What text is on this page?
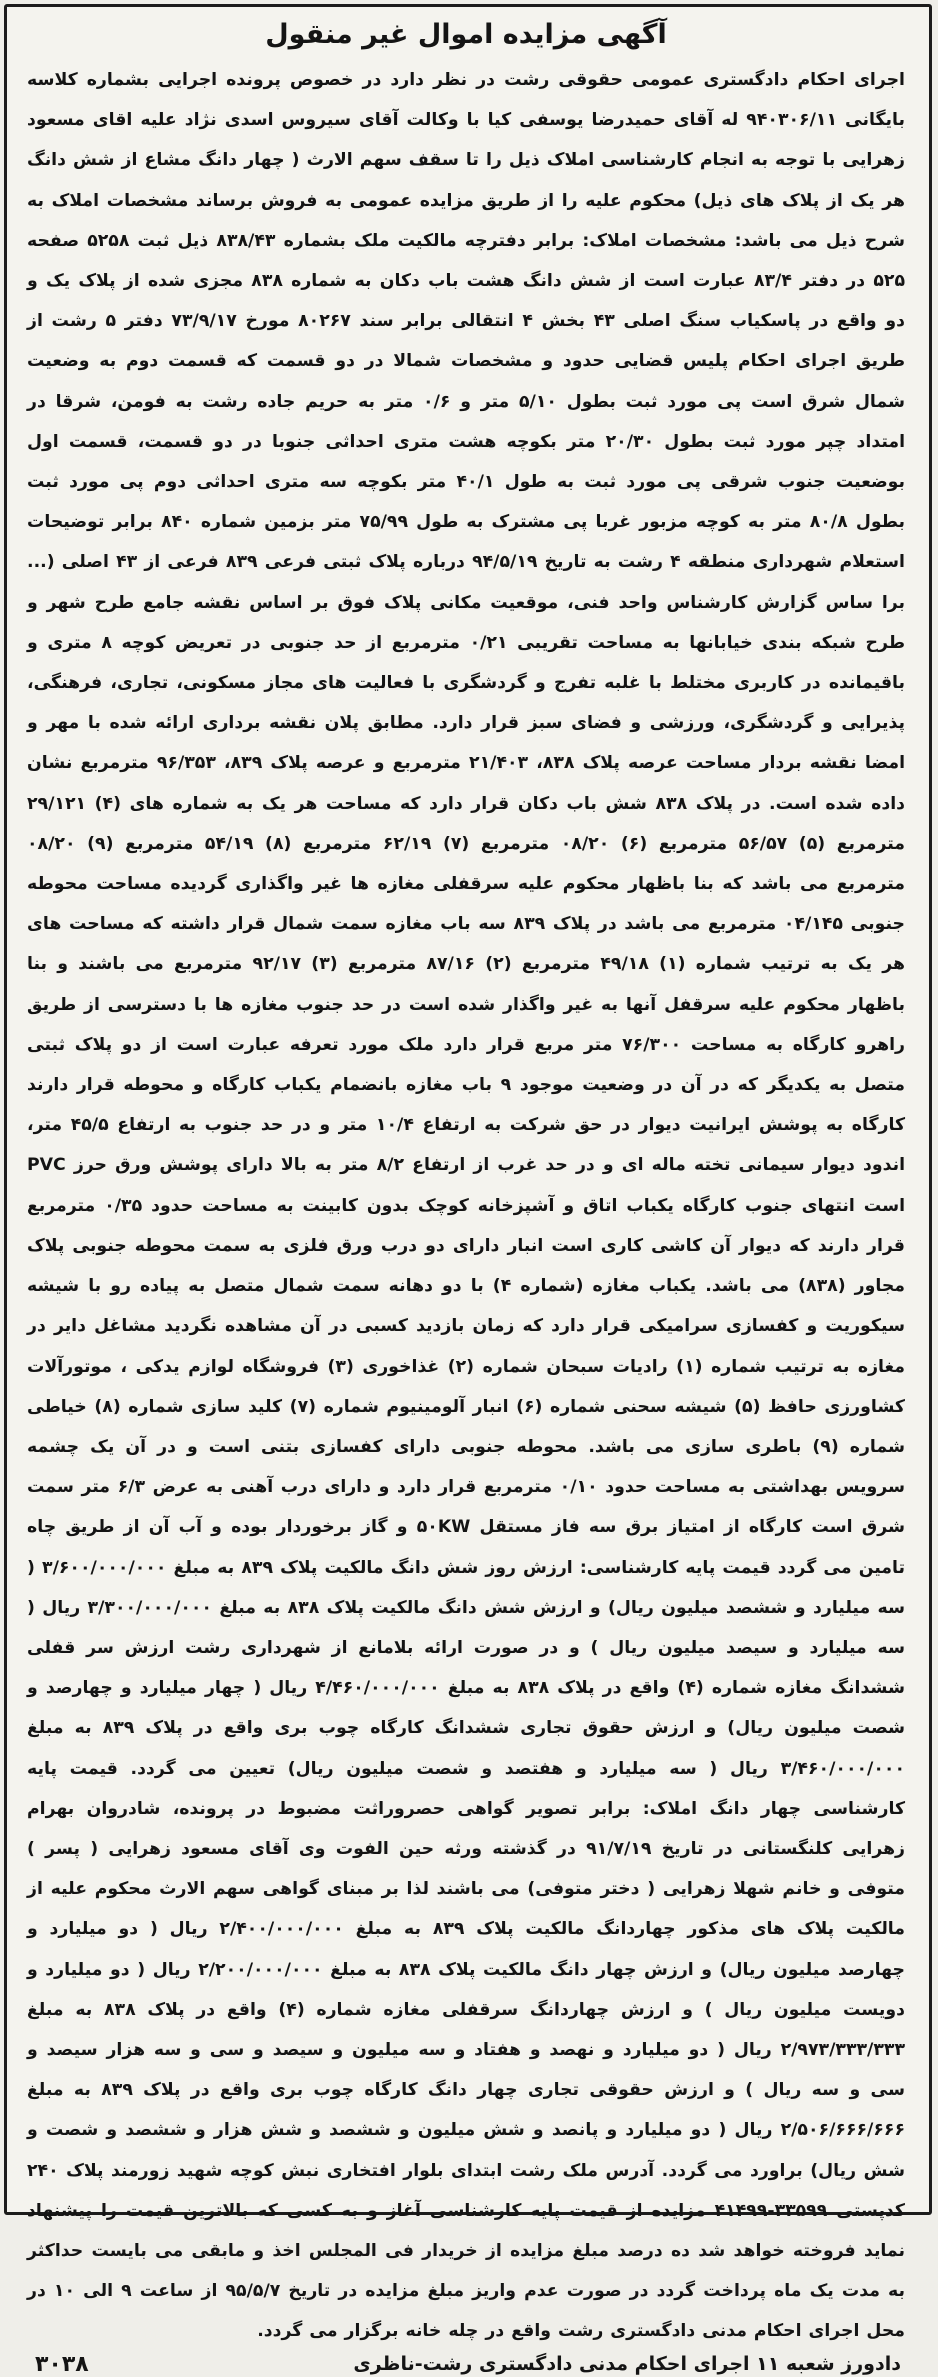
آگهی مزایده اموال غیر منقول

اجرای احکام دادگستری عمومی حقوقی رشت در نظر دارد در خصوص پرونده اجرایی بشماره کلاسه بایگانی ۹۴۰۳۰۶/۱۱ له آقای حمیدرضا یوسفی کیا با وکالت آقای سیروس اسدی نژاد علیه اقای مسعود زهرایی با توجه به انجام کارشناسی املاک ذیل را تا سقف سهم الارث ( چهار دانگ مشاع از شش دانگ هر یک از پلاک های ذیل) محکوم علیه را از طریق مزایده عمومی به فروش برساند مشخصات املاک به شرح ذیل می باشد: مشخصات املاک: برابر دفترچه مالکیت ملک بشماره ۸۳۸/۴۳ ذیل ثبت ۵۲۵۸ صفحه ۵۲۵ در دفتر ۸۳/۴ عبارت است از شش دانگ هشت باب دکان به شماره ۸۳۸ مجزی شده از پلاک یک و دو واقع در پاسکیاب سنگ اصلی ۴۳ بخش ۴ انتقالی برابر سند ۸۰۲۶۷ مورخ ۷۳/۹/۱۷ دفتر ۵ رشت از طریق اجرای احکام پلیس قضایی حدود و مشخصات شمالا در دو قسمت که قسمت دوم به وضعیت شمال شرق است پی مورد ثبت بطول ۵/۱۰ متر و ۰/۶ متر به حریم جاده رشت به فومن، شرقا در امتداد چپر مورد ثبت بطول ۲۰/۳۰ متر بکوچه هشت متری احداثی جنوبا در دو قسمت، قسمت اول بوضعیت جنوب شرقی پی مورد ثبت به طول ۴۰/۱ متر بکوچه سه متری احداثی دوم پی مورد ثبت بطول ۸۰/۸ متر به کوچه مزبور غربا پی مشترک به طول ۷۵/۹۹ متر بزمین شماره ۸۴۰ برابر توضیحات استعلام شهرداری منطقه ۴ رشت به تاریخ ۹۴/۵/۱۹ درباره پلاک ثبتی فرعی ۸۳۹ فرعی از ۴۳ اصلی (... برا ساس گزارش کارشناس واحد فنی، موقعیت مکانی پلاک فوق بر اساس نقشه جامع طرح شهر و طرح شبکه بندی خیابانها به مساحت تقریبی ۰/۲۱ مترمربع از حد جنوبی در تعریض کوچه ۸ متری و باقیمانده در کاربری مختلط با غلبه تفرج و گردشگری با فعالیت های مجاز مسکونی، تجاری، فرهنگی، پذیرایی و گردشگری، ورزشی و فضای سبز قرار دارد. مطابق پلان نقشه برداری ارائه شده با مهر و امضا نقشه بردار مساحت عرصه پلاک ۸۳۸، ۲۱/۴۰۳ مترمربع و عرصه پلاک ۸۳۹، ۹۶/۳۵۳ مترمربع نشان داده شده است. در پلاک ۸۳۸ شش باب دکان قرار دارد که مساحت هر یک به شماره های (۴) ۲۹/۱۲۱ مترمربع (۵) ۵۶/۵۷ مترمربع (۶) ۰۸/۲۰ مترمربع (۷) ۶۲/۱۹ مترمربع (۸) ۵۴/۱۹ مترمربع (۹) ۰۸/۲۰ مترمربع می باشد که بنا باظهار محکوم علیه سرقفلی مغازه ها غیر واگذاری گردیده مساحت محوطه جنوبی ۰۴/۱۴۵ مترمربع می باشد در پلاک ۸۳۹ سه باب مغازه سمت شمال قرار داشته که مساحت های هر یک به ترتیب شماره (۱) ۴۹/۱۸ مترمربع (۲) ۸۷/۱۶ مترمربع (۳) ۹۲/۱۷ مترمربع می باشند و بنا باظهار محکوم علیه سرقفل آنها به غیر واگذار شده است در حد جنوب مغازه ها با دسترسی از طریق راهرو کارگاه به مساحت ۷۶/۳۰۰ متر مربع قرار دارد ملک مورد تعرفه عبارت است از دو پلاک ثبتی متصل به یکدیگر که در آن در وضعیت موجود ۹ باب مغازه بانضمام یکباب کارگاه و محوطه قرار دارند کارگاه به پوشش ایرانیت دیوار در حق شرکت به ارتفاع ۱۰/۴ متر و در حد جنوب به ارتفاع ۴۵/۵ متر، اندود دیوار سیمانی تخته ماله ای و در حد غرب از ارتفاع ۸/۲ متر به بالا دارای پوشش ورق حرز PVC است انتهای جنوب کارگاه یکباب اتاق و آشپزخانه کوچک بدون کابینت به مساحت حدود ۰/۳۵ مترمربع قرار دارند که دیوار آن کاشی کاری است انبار دارای دو درب ورق فلزی به سمت محوطه جنوبی پلاک مجاور (۸۳۸) می باشد. یکباب مغازه (شماره ۴) با دو دهانه سمت شمال متصل به پیاده رو با شیشه سیکوریت و کفسازی سرامیکی قرار دارد که زمان بازدید کسبی در آن مشاهده نگردید مشاغل دایر در مغازه به ترتیب شماره (۱) رادیات سبحان شماره (۲) غذاخوری (۳) فروشگاه لوازم یدکی ، موتورآلات کشاورزی حافظ (۵) شیشه سحنی شماره (۶) انبار آلومینیوم شماره (۷) کلید سازی شماره (۸) خیاطی شماره (۹) باطری سازی می باشد. محوطه جنوبی دارای کفسازی بتنی است و در آن یک چشمه سرویس بهداشتی به مساحت حدود ۰/۱۰ مترمربع قرار دارد و دارای درب آهنی به عرض ۶/۳ متر سمت شرق است کارگاه از امتیاز برق سه فاز مستقل ۵۰KW و گاز برخوردار بوده و آب آن از طریق چاه تامین می گردد قیمت پایه کارشناسی: ارزش روز شش دانگ مالکیت پلاک ۸۳۹ به مبلغ ۳/۶۰۰/۰۰۰/۰۰۰ ( سه میلیارد و ششصد میلیون ریال) و ارزش شش دانگ مالکیت پلاک ۸۳۸ به مبلغ ۳/۳۰۰/۰۰۰/۰۰۰ ریال ( سه میلیارد و سیصد میلیون ریال ) و در صورت ارائه بلامانع از شهرداری رشت ارزش سر قفلی ششدانگ مغازه شماره (۴) واقع در پلاک ۸۳۸ به مبلغ ۴/۴۶۰/۰۰۰/۰۰۰ ریال ( چهار میلیارد و چهارصد و شصت میلیون ریال) و ارزش حقوق تجاری ششدانگ کارگاه چوب بری واقع در پلاک ۸۳۹ به مبلغ ۳/۴۶۰/۰۰۰/۰۰۰ ریال ( سه میلیارد و هفتصد و شصت میلیون ریال) تعیین می گردد. قیمت پایه کارشناسی چهار دانگ املاک: برابر تصویر گواهی حصروراثت مضبوط در پرونده، شادروان بهرام زهرایی کلنگستانی در تاریخ ۹۱/۷/۱۹ در گذشته ورثه حین الفوت وی آقای مسعود زهرایی ( پسر ) متوفی و خانم شهلا زهرایی ( دختر متوفی) می باشند لذا بر مبنای گواهی سهم الارث محکوم علیه از مالکیت پلاک های مذکور چهاردانگ مالکیت پلاک ۸۳۹ به مبلغ ۲/۴۰۰/۰۰۰/۰۰۰ ریال ( دو میلیارد و چهارصد میلیون ریال) و ارزش چهار دانگ مالکیت پلاک ۸۳۸ به مبلغ ۲/۲۰۰/۰۰۰/۰۰۰ ریال ( دو میلیارد و دویست میلیون ریال ) و ارزش چهاردانگ سرقفلی مغازه شماره (۴) واقع در پلاک ۸۳۸ به مبلغ ۲/۹۷۳/۳۳۳/۳۳۳ ریال ( دو میلیارد و نهصد و هفتاد و سه میلیون و سیصد و سی و سه هزار سیصد و سی و سه ریال ) و ارزش حقوقی تجاری چهار دانگ کارگاه چوب بری واقع در پلاک ۸۳۹ به مبلغ ۲/۵۰۶/۶۶۶/۶۶۶ ریال ( دو میلیارد و پانصد و شش میلیون و ششصد و شش هزار و ششصد و شصت و شش ریال) براورد می گردد. آدرس ملک رشت ابتدای بلوار افتخاری نبش کوچه شهید زورمند پلاک ۲۴۰ کدپستی ۳۳۵۹۹-۴۱۴۹۹ مزایده از قیمت پایه کارشناسی آغاز و به کسی که بالاترین قیمت را پیشنهاد نماید فروخته خواهد شد ده درصد مبلغ مزایده از خریدار فی المجلس اخذ و مابقی می بایست حداکثر به مدت یک ماه پرداخت گردد در صورت عدم واریز مبلغ مزایده در تاریخ ۹۵/۵/۷ از ساعت ۹ الی ۱۰ در محل اجرای احکام مدنی دادگستری رشت واقع در چله خانه برگزار می گردد.

دادورز شعبه ۱۱ اجرای احکام مدنی دادگستری رشت-ناظری
۳۰۳۸
